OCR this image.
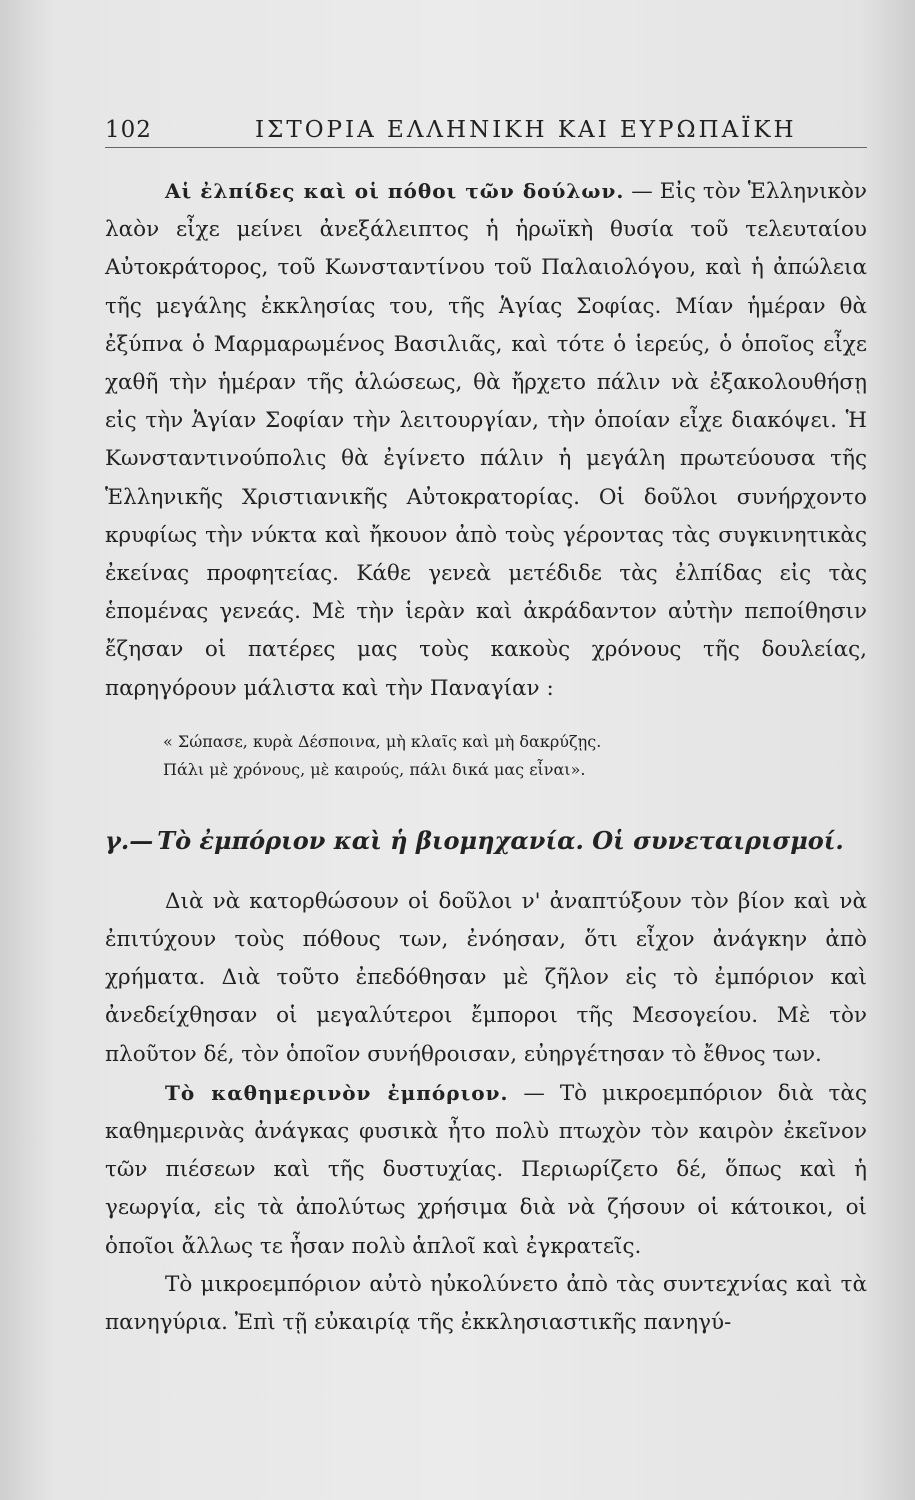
102	ΙΣΤΟΡΙΑ ΕΛΛΗΝΙΚΗ ΚΑΙ ΕΥΡΩΠΑΪΚΗ

Αἱ ἐλπίδες καὶ οἱ πόθοι τῶν δούλων. — Εἰς τὸν Ἑλληνικὸν λαὸν εἶχε μείνει ἀνεξάλειπτος ἡ ἡρωϊκὴ θυσία τοῦ τελευταίου Αὐτοκράτορος, τοῦ Κωνσταντίνου τοῦ Παλαιολόγου, καὶ ἡ ἀπώλεια τῆς μεγάλης ἐκκλησίας του, τῆς Ἁγίας Σοφίας. Μίαν ἡμέραν θὰ ἐξύπνα ὁ Μαρμαρωμένος Βασιλιᾶς, καὶ τότε ὁ ἱερεύς, ὁ ὁποῖος εἶχε χαθῆ τὴν ἡμέραν τῆς ἁλώσεως, θὰ ἤρχετο πάλιν νὰ ἐξακολουθήσῃ εἰς τὴν Ἁγίαν Σοφίαν τὴν λειτουργίαν, τὴν ὁποίαν εἶχε διακόψει. Ἡ Κωνσταντινούπολις θὰ ἐγίνετο πάλιν ἡ μεγάλη πρωτεύουσα τῆς Ἑλληνικῆς Χριστιανικῆς Αὐτοκρατορίας. Οἱ δοῦλοι συνήρχοντο κρυφίως τὴν νύκτα καὶ ἤκουον ἀπὸ τοὺς γέροντας τὰς συγκινητικὰς ἐκείνας προφητείας. Κάθε γενεὰ μετέδιδε τὰς ἐλπίδας εἰς τὰς ἑπομένας γενεάς. Μὲ τὴν ἱερὰν καὶ ἀκράδαντον αὐτὴν πεποίθησιν ἔζησαν οἱ πατέρες μας τοὺς κακοὺς χρόνους τῆς δουλείας, παρηγόρουν μάλιστα καὶ τὴν Παναγίαν :

« Σώπασε, κυρὰ Δέσποινα, μὴ κλαῖς καὶ μὴ δακρύζῃς.
Πάλι μὲ χρόνους, μὲ καιρούς, πάλι δικά μας εἶναι».
γ.— Τὸ ἐμπόριον καὶ ἡ βιομηχανία. Οἱ συνεταιρισμοί.

Διὰ νὰ κατορθώσουν οἱ δοῦλοι ν' ἀναπτύξουν τὸν βίον καὶ νὰ ἐπιτύχουν τοὺς πόθους των, ἐνόησαν, ὅτι εἶχον ἀνάγκην ἀπὸ χρήματα. Διὰ τοῦτο ἐπεδόθησαν μὲ ζῆλον εἰς τὸ ἐμπόριον καὶ ἀνεδείχθησαν οἱ μεγαλύτεροι ἔμποροι τῆς Μεσογείου. Μὲ τὸν πλοῦτον δέ, τὸν ὁποῖον συνήθροισαν, εὐηργέτησαν τὸ ἔθνος των.

Τὸ καθημερινὸν ἐμπόριον. — Τὸ μικροεμπόριον διὰ τὰς καθημερινὰς ἀνάγκας φυσικὰ ἦτο πολὺ πτωχὸν τὸν καιρὸν ἐκεῖνον τῶν πιέσεων καὶ τῆς δυστυχίας. Περιωρίζετο δέ, ὅπως καὶ ἡ γεωργία, εἰς τὰ ἀπολύτως χρήσιμα διὰ νὰ ζήσουν οἱ κάτοικοι, οἱ ὁποῖοι ἄλλως τε ἦσαν πολὺ ἁπλοῖ καὶ ἐγκρατεῖς.

Τὸ μικροεμπόριον αὐτὸ ηὐκολύνετο ἀπὸ τὰς συντεχνίας καὶ τὰ πανηγύρια. Ἐπὶ τῇ εὐκαιρίᾳ τῆς ἐκκλησιαστικῆς πανηγύ-
